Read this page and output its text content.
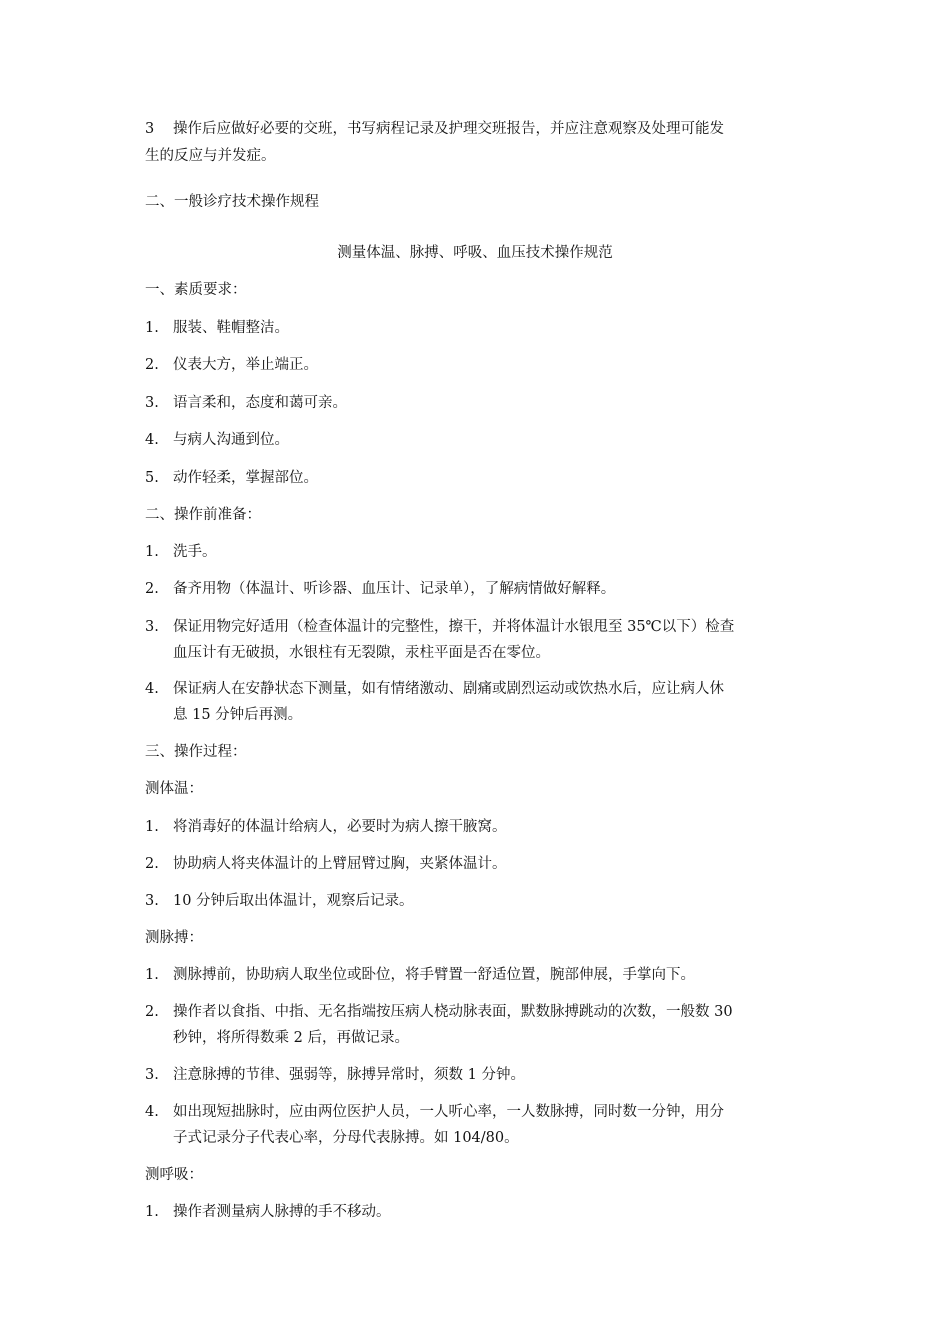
3 操作后应做好必要的交班，书写病程记录及护理交班报告，并应注意观察及处理可能发
生的反应与并发症。
二、一般诊疗技术操作规程
测量体温、脉搏、呼吸、血压技术操作规范
一、素质要求：
1. 服装、鞋帽整洁。
2. 仪表大方，举止端正。
3. 语言柔和，态度和蔼可亲。
4. 与病人沟通到位。
5. 动作轻柔，掌握部位。
二、操作前准备：
1. 洗手。
2. 备齐用物（体温计、听诊器、血压计、记录单），了解病情做好解释。
3. 保证用物完好适用（检查体温计的完整性，擦干，并将体温计水银甩至 35℃以下）检查
血压计有无破损，水银柱有无裂隙，汞柱平面是否在零位。
4. 保证病人在安静状态下测量，如有情绪激动、剧痛或剧烈运动或饮热水后，应让病人休
息 15 分钟后再测。
三、操作过程：
测体温：
1. 将消毒好的体温计给病人，必要时为病人擦干腋窝。
2. 协助病人将夹体温计的上臂屈臂过胸，夹紧体温计。
3. 10 分钟后取出体温计，观察后记录。
测脉搏：
1. 测脉搏前，协助病人取坐位或卧位，将手臂置一舒适位置，腕部伸展，手掌向下。
2. 操作者以食指、中指、无名指端按压病人桡动脉表面，默数脉搏跳动的次数，一般数 30
秒钟，将所得数乘 2 后，再做记录。
3. 注意脉搏的节律、强弱等，脉搏异常时，须数 1 分钟。
4. 如出现短拙脉时，应由两位医护人员，一人听心率，一人数脉搏，同时数一分钟，用分
子式记录分子代表心率，分母代表脉搏。如 104/80。
测呼吸：
1. 操作者测量病人脉搏的手不移动。
